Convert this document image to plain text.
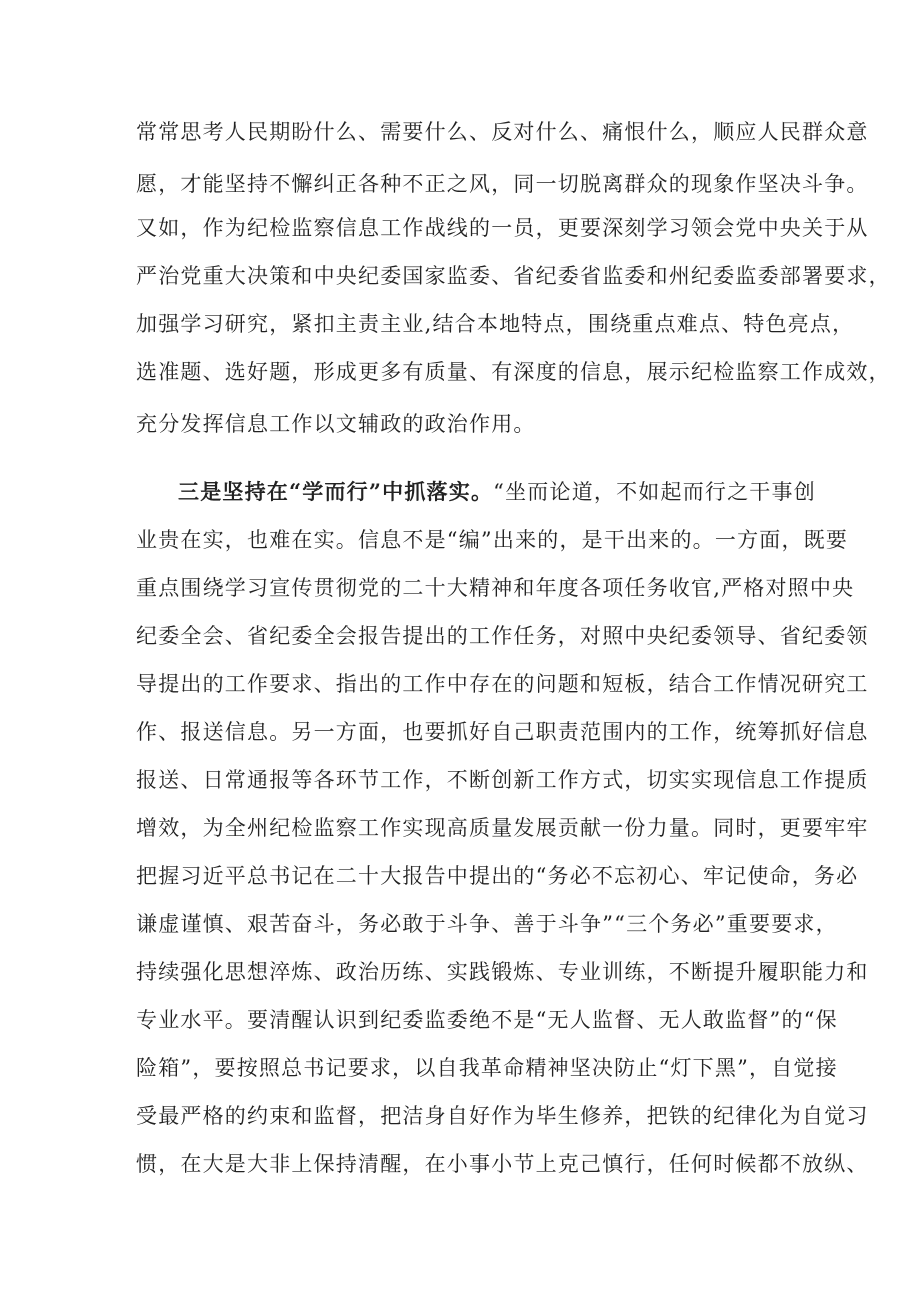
常常思考人民期盼什么、需要什么、反对什么、痛恨什么，顺应人民群众意
愿，才能坚持不懈纠正各种不正之风，同一切脱离群众的现象作坚决斗争。
又如，作为纪检监察信息工作战线的一员，更要深刻学习领会党中央关于从
严治党重大决策和中央纪委国家监委、省纪委省监委和州纪委监委部署要求，
加强学习研究，紧扣主责主业,结合本地特点，围绕重点难点、特色亮点，
选准题、选好题，形成更多有质量、有深度的信息，展示纪检监察工作成效，
充分发挥信息工作以文辅政的政治作用。
三是坚持在“学而行”中抓落实。“坐而论道，不如起而行之干事创
业贵在实，也难在实。信息不是“编”出来的，是干出来的。一方面，既要
重点围绕学习宣传贯彻党的二十大精神和年度各项任务收官,严格对照中央
纪委全会、省纪委全会报告提出的工作任务，对照中央纪委领导、省纪委领
导提出的工作要求、指出的工作中存在的问题和短板，结合工作情况研究工
作、报送信息。另一方面，也要抓好自己职责范围内的工作，统筹抓好信息
报送、日常通报等各环节工作，不断创新工作方式，切实实现信息工作提质
增效，为全州纪检监察工作实现高质量发展贡献一份力量。同时，更要牢牢
把握习近平总书记在二十大报告中提出的“务必不忘初心、牢记使命，务必
谦虚谨慎、艰苦奋斗，务必敢于斗争、善于斗争”“三个务必”重要要求，
持续强化思想淬炼、政治历练、实践锻炼、专业训练，不断提升履职能力和
专业水平。要清醒认识到纪委监委绝不是“无人监督、无人敢监督”的“保
险箱”，要按照总书记要求，以自我革命精神坚决防止“灯下黑”，自觉接
受最严格的约束和监督，把洁身自好作为毕生修养，把铁的纪律化为自觉习
惯，在大是大非上保持清醒，在小事小节上克己慎行，任何时候都不放纵、
